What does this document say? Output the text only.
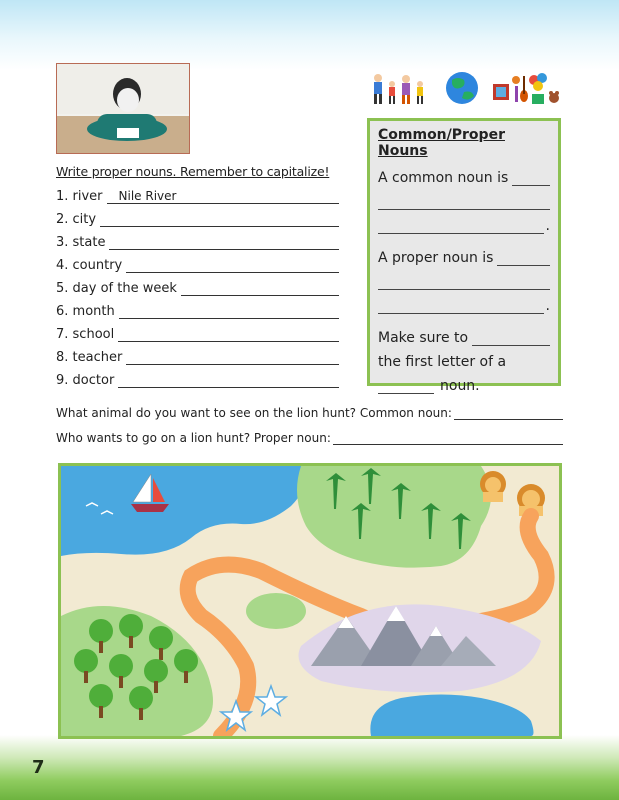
7
Write proper nouns. Remember to capitalize!
1. river	Nile River
2. city
3. state
4. country
5. day of the week
6. month
7. school
8. teacher
9. doctor
Common/Proper Nouns
A common noun is
.
A proper noun is
.
Make sure to
the first letter of a
noun.
What animal do you want to see on the lion hunt? Common noun:
Who wants to go on a lion hunt? Proper noun:
